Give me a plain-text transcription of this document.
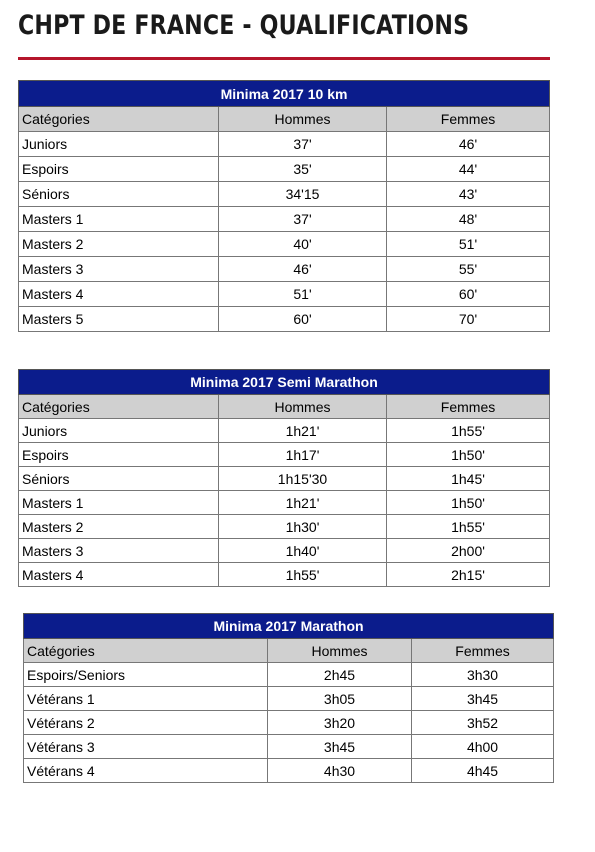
CHPT DE FRANCE - QUALIFICATIONS
Minima 2017 10 km		
Catégories	Hommes	Femmes
Juniors	37'	46'
Espoirs	35'	44'
Séniors	34'15	43'
Masters 1	37'	48'
Masters 2	40'	51'
Masters 3	46'	55'
Masters 4	51'	60'
Masters 5	60'	70'
Minima 2017 Semi Marathon		
Catégories	Hommes	Femmes
Juniors	1h21'	1h55'
Espoirs	1h17'	1h50'
Séniors	1h15'30	1h45'
Masters 1	1h21'	1h50'
Masters 2	1h30'	1h55'
Masters 3	1h40'	2h00'
Masters 4	1h55'	2h15'
Minima 2017 Marathon		
Catégories	Hommes	Femmes
Espoirs/Seniors	2h45	3h30
Vétérans 1	3h05	3h45
Vétérans 2	3h20	3h52
Vétérans 3	3h45	4h00
Vétérans 4	4h30	4h45
